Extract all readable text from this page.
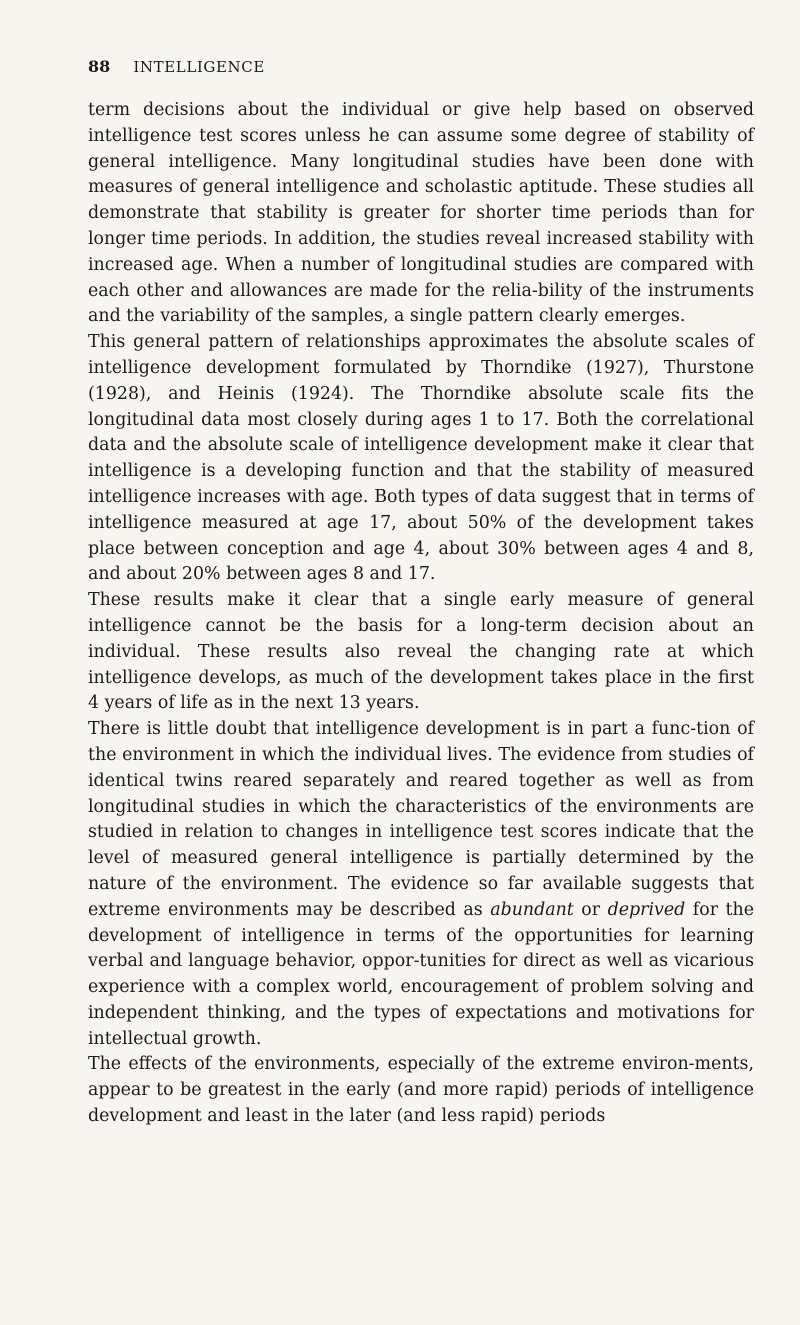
88 INTELLIGENCE

term decisions about the individual or give help based on observed intelligence test scores unless he can assume some degree of stability of general intelligence. Many longitudinal studies have been done with measures of general intelligence and scholastic aptitude. These studies all demonstrate that stability is greater for shorter time periods than for longer time periods. In addition, the studies reveal increased stability with increased age. When a number of longitudinal studies are compared with each other and allowances are made for the relia-bility of the instruments and the variability of the samples, a single pattern clearly emerges.

This general pattern of relationships approximates the absolute scales of intelligence development formulated by Thorndike (1927), Thurstone (1928), and Heinis (1924). The Thorndike absolute scale fits the longitudinal data most closely during ages 1 to 17. Both the correlational data and the absolute scale of intelligence development make it clear that intelligence is a developing function and that the stability of measured intelligence increases with age. Both types of data suggest that in terms of intelligence measured at age 17, about 50% of the development takes place between conception and age 4, about 30% between ages 4 and 8, and about 20% between ages 8 and 17.

These results make it clear that a single early measure of general intelligence cannot be the basis for a long-term decision about an individual. These results also reveal the changing rate at which intelligence develops, as much of the development takes place in the first 4 years of life as in the next 13 years.

There is little doubt that intelligence development is in part a func-tion of the environment in which the individual lives. The evidence from studies of identical twins reared separately and reared together as well as from longitudinal studies in which the characteristics of the environments are studied in relation to changes in intelligence test scores indicate that the level of measured general intelligence is partially determined by the nature of the environment. The evidence so far available suggests that extreme environments may be described as abundant or deprived for the development of intelligence in terms of the opportunities for learning verbal and language behavior, oppor-tunities for direct as well as vicarious experience with a complex world, encouragement of problem solving and independent thinking, and the types of expectations and motivations for intellectual growth.

The effects of the environments, especially of the extreme environ-ments, appear to be greatest in the early (and more rapid) periods of intelligence development and least in the later (and less rapid) periods
